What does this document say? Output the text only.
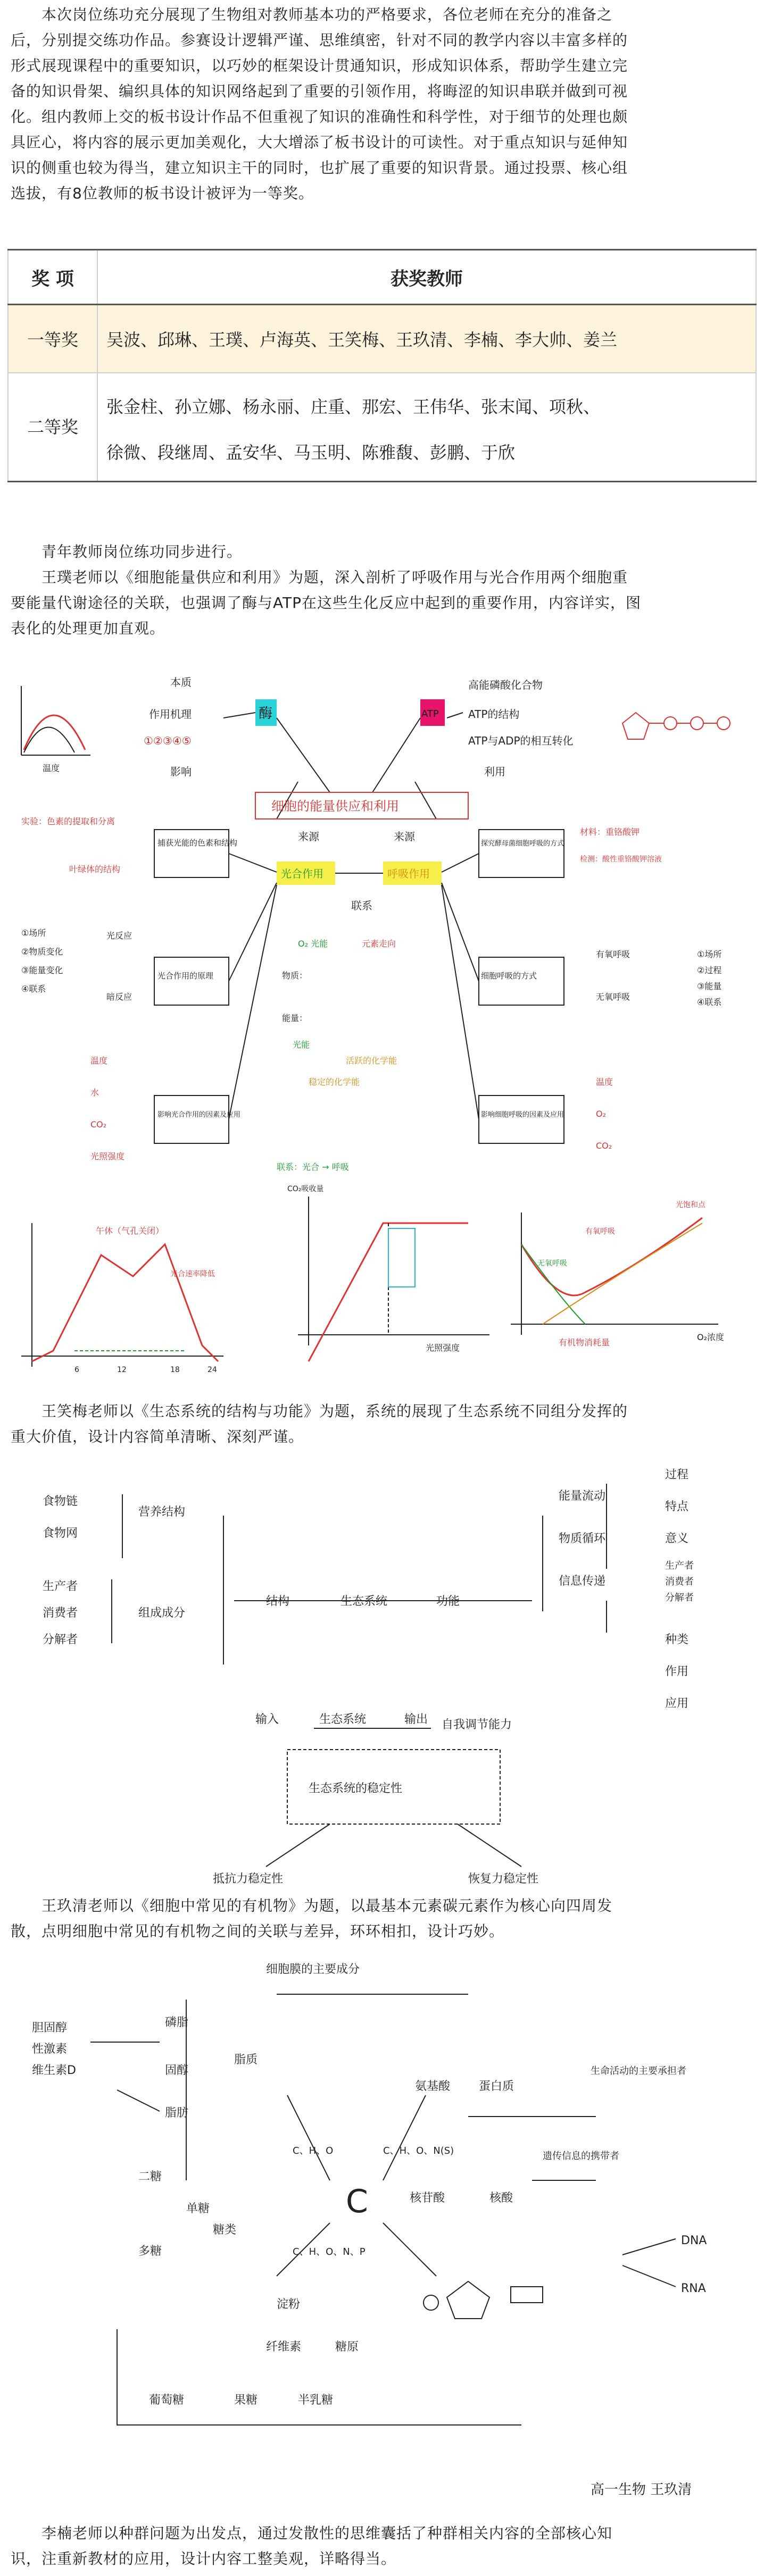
本次岗位练功充分展现了生物组对教师基本功的严格要求，各位老师在充分的准备之
后，分别提交练功作品。参赛设计逻辑严谨、思维缜密，针对不同的教学内容以丰富多样的
形式展现课程中的重要知识，以巧妙的框架设计贯通知识，形成知识体系，帮助学生建立完
备的知识骨架、编织具体的知识网络起到了重要的引领作用，将晦涩的知识串联并做到可视
化。组内教师上交的板书设计作品不但重视了知识的准确性和科学性，对于细节的处理也颇
具匠心，将内容的展示更加美观化，大大增添了板书设计的可读性。对于重点知识与延伸知
识的侧重也较为得当，建立知识主干的同时，也扩展了重要的知识背景。通过投票、核心组
选拔，有8位教师的板书设计被评为一等奖。

奖 项	获奖教师
一等奖	吴波、邱琳、王璞、卢海英、王笑梅、王玖清、李楠、李大帅、姜兰
二等奖	张金柱、孙立娜、杨永丽、庄重、那宏、王伟华、张末闻、项秋、
徐微、段继周、孟安华、马玉明、陈雅馥、彭鹏、于欣

青年教师岗位练功同步进行。
王璞老师以《细胞能量供应和利用》为题，深入剖析了呼吸作用与光合作用两个细胞重
要能量代谢途径的关联，也强调了酶与ATP在这些生化反应中起到的重要作用，内容详实，图
表化的处理更加直观。

温度
本质
作用机理
①②③④⑤
影响
酶	ATP
高能磷酸化合物
ATP的结构
ATP与ADP的相互转化
利用
细胞的能量供应和利用
来源	来源
光合作用	呼吸作用
联系
捕获光能的色素和结构
光合作用的原理
影响光合作用的因素及应用
探究酵母菌细胞呼吸的方式
细胞呼吸的方式
影响细胞呼吸的因素及应用
实验：色素的提取和分离
叶绿体的结构
①场所
②物质变化
③能量变化
④联系
光反应
暗反应
温度
水
CO₂
光照强度
材料：重铬酸钾
检测：酸性重铬酸钾溶液
有氧呼吸
无氧呼吸
①场所
②过程
③能量
④联系
温度
O₂
CO₂
O₂ 光能	元素走向
物质：
能量：
光能
活跃的化学能
稳定的化学能
联系：光合 → 呼吸
午休（气孔关闭）
光合速率降低
6	12	18	24
光照强度
CO₂吸收量
有氧呼吸
无氧呼吸
光饱和点
O₂浓度
有机物消耗量

王笑梅老师以《生态系统的结构与功能》为题，系统的展现了生态系统不同组分发挥的
重大价值，设计内容简单清晰、深刻严谨。

生态系统
结构	功能
食物链
食物网
营养结构
生产者
消费者
分解者
组成成分
能量流动
物质循环
信息传递
过程
特点
意义
生产者
消费者
分解者
种类
作用
应用
输入	生态系统	输出 自我调节能力
生态系统的稳定性
抵抗力稳定性	恢复力稳定性

王玖清老师以《细胞中常见的有机物》为题，以最基本元素碳元素作为核心向四周发
散，点明细胞中常见的有机物之间的关联与差异，环环相扣，设计巧妙。

C
细胞膜的主要成分
磷脂
固醇
脂肪
脂质
二糖
多糖
单糖
糖类
胆固醇
性激素
维生素D
氨基酸 蛋白质
核苷酸	核酸
生命活动的主要承担者
遗传信息的携带者
DNA
RNA
葡萄糖	果糖	半乳糖
淀粉
纤维素	糖原
C、H、O
C、H、O、N、P
C、H、O、N(S)
高一生物 王玖清

李楠老师以种群问题为出发点，通过发散性的思维囊括了种群相关内容的全部核心知
识，注重新教材的应用，设计内容工整美观，详略得当。
